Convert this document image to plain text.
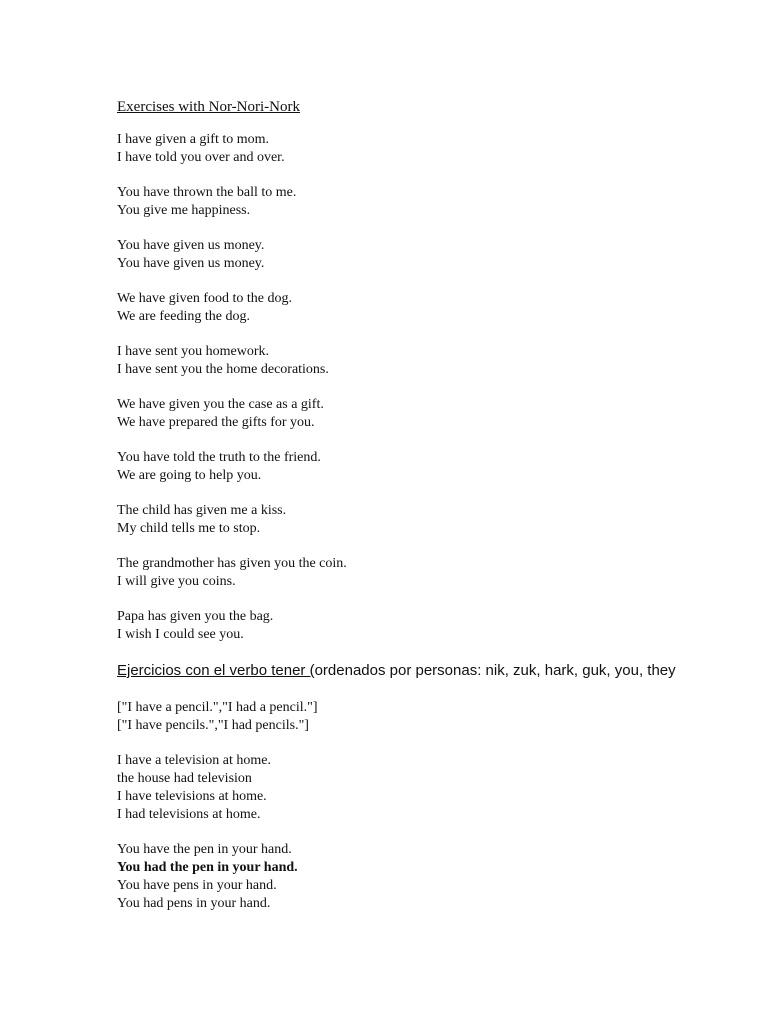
Exercises with Nor-Nori-Nork
I have given a gift to mom.
I have told you over and over.
You have thrown the ball to me.
You give me happiness.
You have given us money.
You have given us money.
We have given food to the dog.
We are feeding the dog.
I have sent you homework.
I have sent you the home decorations.
We have given you the case as a gift.
We have prepared the gifts for you.
You have told the truth to the friend.
We are going to help you.
The child has given me a kiss.
My child tells me to stop.
The grandmother has given you the coin.
I will give you coins.
Papa has given you the bag.
I wish I could see you.
Ejercicios con el verbo tener (ordenados por personas: nik, zuk, hark, guk, you, they
["I have a pencil.","I had a pencil."]
["I have pencils.","I had pencils."]
I have a television at home.
the house had television
I have televisions at home.
I had televisions at home.
You have the pen in your hand.
You had the pen in your hand.
You have pens in your hand.
You had pens in your hand.
